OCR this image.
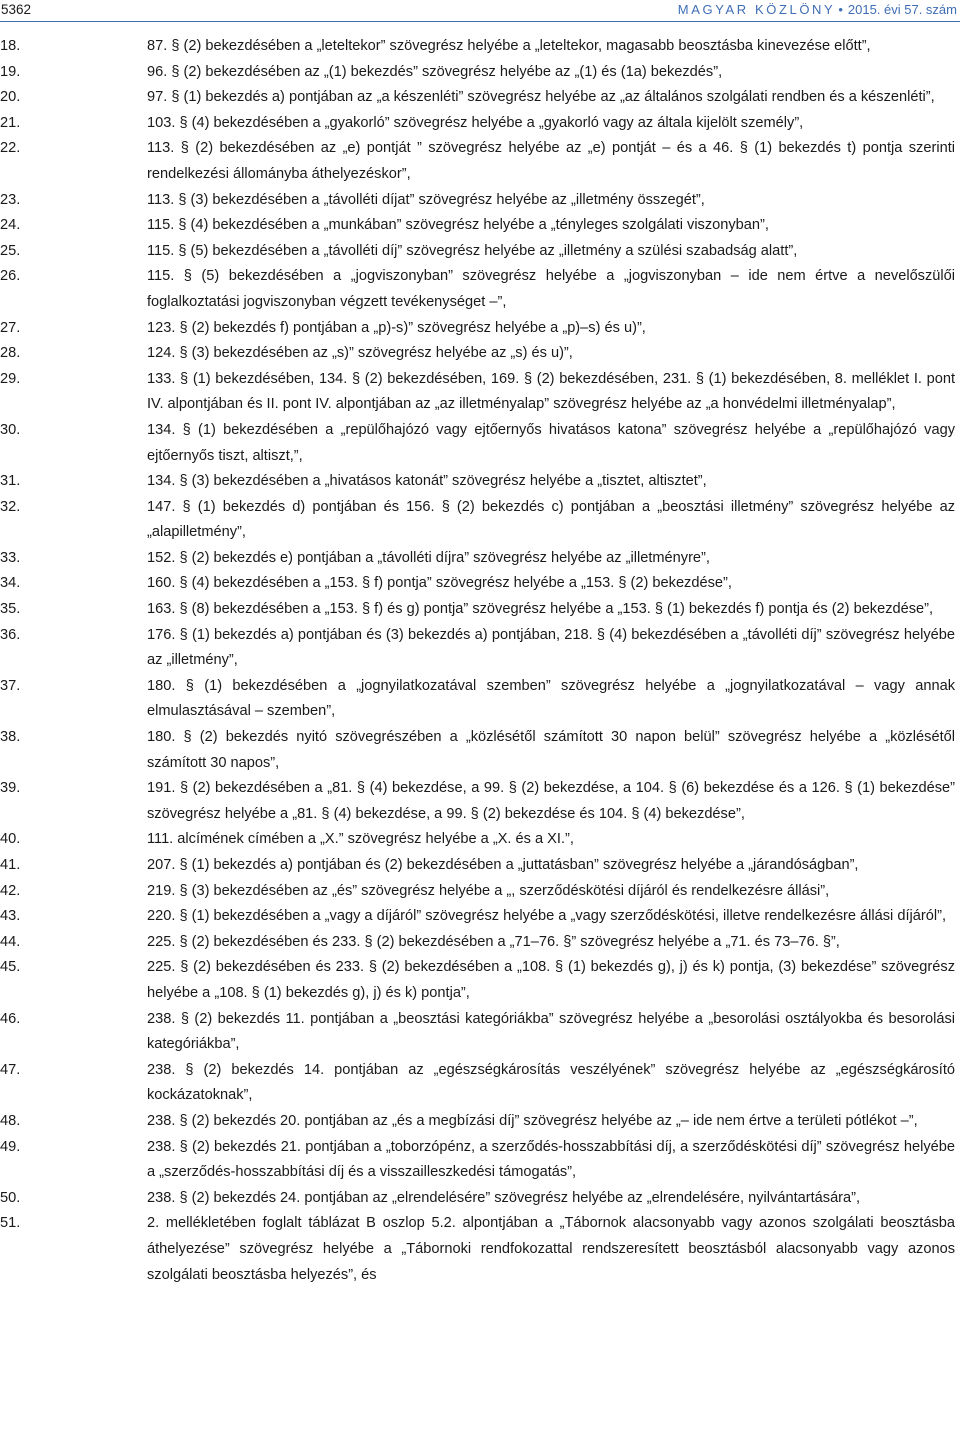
5362	MAGYAR KÖZLÖNY • 2015. évi 57. szám
18.	87. § (2) bekezdésében a „leteltekor” szövegrész helyébe a „leteltekor, magasabb beosztásba kinevezése előtt”,
19.	96. § (2) bekezdésében az „(1) bekezdés” szövegrész helyébe az „(1) és (1a) bekezdés”,
20.	97. § (1) bekezdés a) pontjában az „a készenléti” szövegrész helyébe az „az általános szolgálati rendben és a készenléti”,
21.	103. § (4) bekezdésében a „gyakorló” szövegrész helyébe a „gyakorló vagy az általa kijelölt személy”,
22.	113. § (2) bekezdésében az „e) pontját ” szövegrész helyébe az „e) pontját – és a 46. § (1) bekezdés t) pontja szerinti rendelkezési állományba áthelyezéskor”,
23.	113. § (3) bekezdésében a „távolléti díjat” szövegrész helyébe az „illetmény összegét”,
24.	115. § (4) bekezdésében a „munkában” szövegrész helyébe a „tényleges szolgálati viszonyban”,
25.	115. § (5) bekezdésében a „távolléti díj” szövegrész helyébe az „illetmény a szülési szabadság alatt”,
26.	115. § (5) bekezdésében a „jogviszonyban” szövegrész helyébe a „jogviszonyban – ide nem értve a nevelőszülői foglalkoztatási jogviszonyban végzett tevékenységet –”,
27.	123. § (2) bekezdés f) pontjában a „p)-s)” szövegrész helyébe a „p)–s) és u)”,
28.	124. § (3) bekezdésében az „s)” szövegrész helyébe az „s) és u)”,
29.	133. § (1) bekezdésében, 134. § (2) bekezdésében, 169. § (2) bekezdésében, 231. § (1) bekezdésében, 8. melléklet I. pont IV. alpontjában és II. pont IV. alpontjában az „az illetményalap” szövegrész helyébe az „a honvédelmi illetményalap”,
30.	134. § (1) bekezdésében a „repülőhajózó vagy ejtőernyős hivatásos katona” szövegrész helyébe a „repülőhajózó vagy ejtőernyős tiszt, altiszt,”,
31.	134. § (3) bekezdésében a „hivatásos katonát” szövegrész helyébe a „tisztet, altisztet”,
32.	147. § (1) bekezdés d) pontjában és 156. § (2) bekezdés c) pontjában a „beosztási illetmény” szövegrész helyébe az „alapilletmény”,
33.	152. § (2) bekezdés e) pontjában a „távolléti díjra” szövegrész helyébe az „illetményre”,
34.	160. § (4) bekezdésében a „153. § f) pontja” szövegrész helyébe a „153. § (2) bekezdése”,
35.	163. § (8) bekezdésében a „153. § f) és g) pontja” szövegrész helyébe a „153. § (1) bekezdés f) pontja és (2) bekezdése”,
36.	176. § (1) bekezdés a) pontjában és (3) bekezdés a) pontjában, 218. § (4) bekezdésében a „távolléti díj” szövegrész helyébe az „illetmény”,
37.	180. § (1) bekezdésében a „jognyilatkozatával szemben” szövegrész helyébe a „jognyilatkozatával – vagy annak elmulasztásával – szemben”,
38.	180. § (2) bekezdés nyitó szövegrészében a „közlésétől számított 30 napon belül” szövegrész helyébe a „közlésétől számított 30 napos”,
39.	191. § (2) bekezdésében a „81. § (4) bekezdése, a 99. § (2) bekezdése, a 104. § (6) bekezdése és a 126. § (1) bekezdése” szövegrész helyébe a „81. § (4) bekezdése, a 99. § (2) bekezdése és 104. § (4) bekezdése”,
40.	111. alcímének címében a „X.” szövegrész helyébe a „X. és a XI.”,
41.	207. § (1) bekezdés a) pontjában és (2) bekezdésében a „juttatásban” szövegrész helyébe a „járandóságban”,
42.	219. § (3) bekezdésében az „és” szövegrész helyébe a „, szerződéskötési díjáról és rendelkezésre állási”,
43.	220. § (1) bekezdésében a „vagy a díjáról” szövegrész helyébe a „vagy szerződéskötési, illetve rendelkezésre állási díjáról”,
44.	225. § (2) bekezdésében és 233. § (2) bekezdésében a „71–76. §” szövegrész helyébe a „71. és 73–76. §”,
45.	225. § (2) bekezdésében és 233. § (2) bekezdésében a „108. § (1) bekezdés g), j) és k) pontja, (3) bekezdése” szövegrész helyébe a „108. § (1) bekezdés g), j) és k) pontja”,
46.	238. § (2) bekezdés 11. pontjában a „beosztási kategóriákba” szövegrész helyébe a „besorolási osztályokba és besorolási kategóriákba”,
47.	238. § (2) bekezdés 14. pontjában az „egészségkárosítás veszélyének” szövegrész helyébe az „egészségkárosító kockázatoknak”,
48.	238. § (2) bekezdés 20. pontjában az „és a megbízási díj” szövegrész helyébe az „– ide nem értve a területi pótlékot –”,
49.	238. § (2) bekezdés 21. pontjában a „toborzópénz, a szerződés-hosszabbítási díj, a szerződéskötési díj” szövegrész helyébe a „szerződés-hosszabbítási díj és a visszailleszkedési támogatás”,
50.	238. § (2) bekezdés 24. pontjában az „elrendelésére” szövegrész helyébe az „elrendelésére, nyilvántartására”,
51.	2. mellékletében foglalt táblázat B oszlop 5.2. alpontjában a „Tábornok alacsonyabb vagy azonos szolgálati beosztásba áthelyezése” szövegrész helyébe a „Tábornoki rendfokozattal rendszeresített beosztásból alacsonyabb vagy azonos szolgálati beosztásba helyezés”, és
